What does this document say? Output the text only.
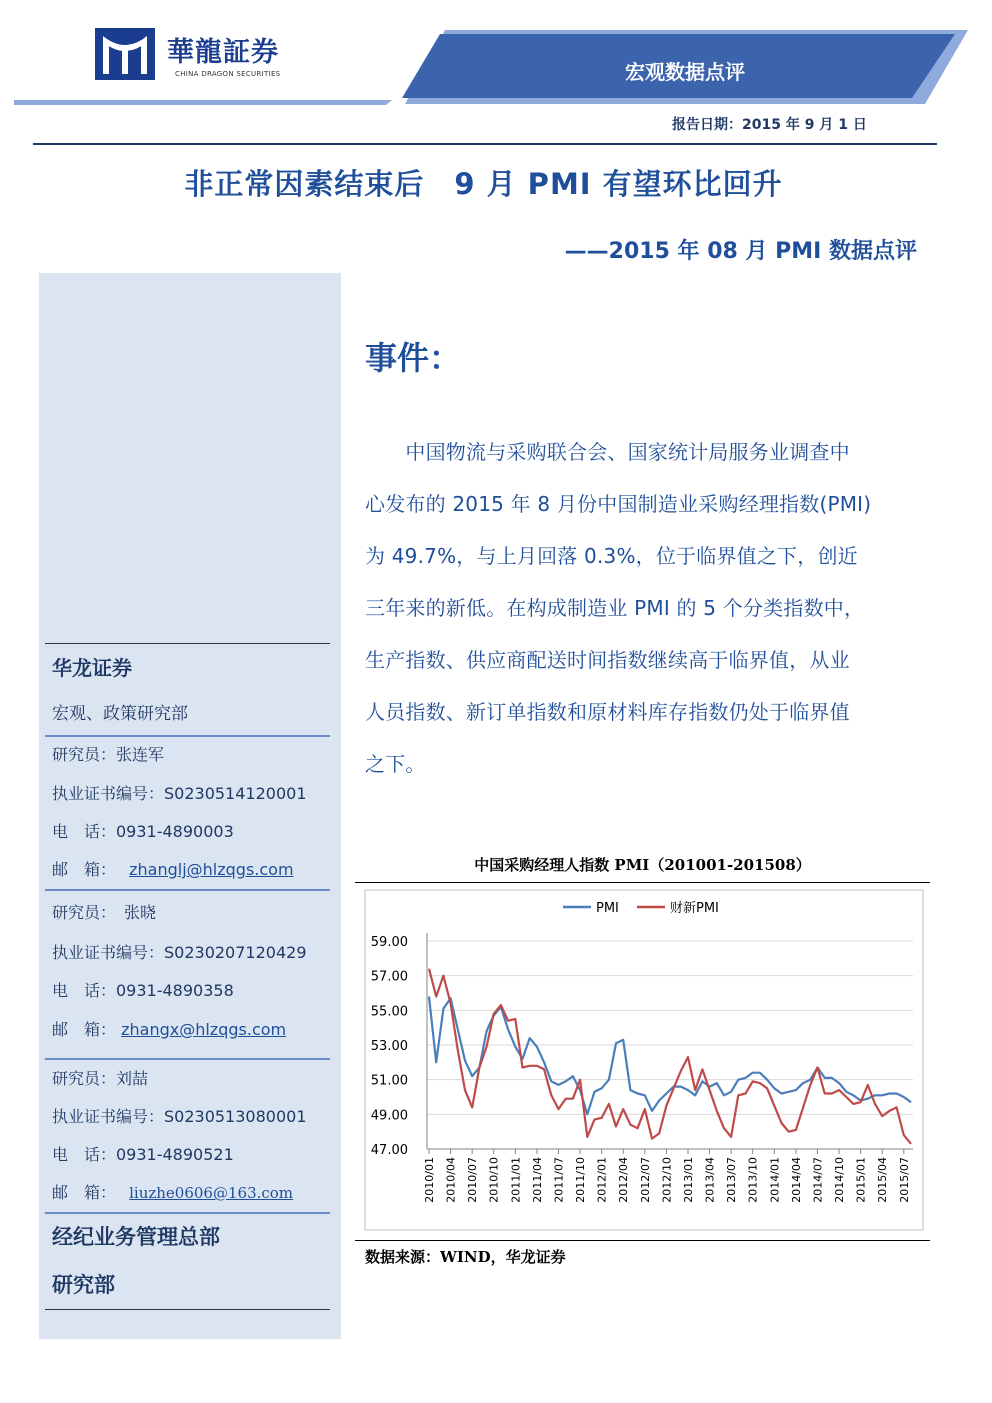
華龍証券
CHINA DRAGON SECURITIES	宏观数据点评
报告日期：2015 年 9 月 1 日
非正常因素结束后　9 月 PMI 有望环比回升
——2015 年 08 月 PMI 数据点评
华龙证券
宏观、政策研究部
研究员：张连军
执业证书编号：S0230514120001
电　话：0931-4890003
邮　箱： zhanglj@hlzqgs.com
研究员：　张晓
执业证书编号：S0230207120429
电　话：0931-4890358
邮　箱： zhangx@hlzqgs.com
研究员：刘喆
执业证书编号：S0230513080001
电　话：0931-4890521
邮　箱： liuzhe0606@163.com
经纪业务管理总部
研究部
事件：
　　中国物流与采购联合会、国家统计局服务业调查中
心发布的 2015 年 8 月份中国制造业采购经理指数(PMI)
为 49.7%，与上月回落 0.3%，位于临界值之下，创近
三年来的新低。在构成制造业 PMI 的 5 个分类指数中，
生产指数、供应商配送时间指数继续高于临界值，从业
人员指数、新订单指数和原材料库存指数仍处于临界值
之下。
中国采购经理人指数 PMI（201001-201508）
59.00
57.00
55.00
53.00
51.00
49.00
47.00
2010/01 2010/04 2010/07 2010/10 2011/01 2011/04 2011/07 2011/10 2012/01 2012/04 2012/07 2012/10 2013/01 2013/04 2013/07 2013/10 2014/01 2014/04 2014/07 2014/10 2015/01 2015/04 2015/07
PMI	财新PMI
数据来源：WIND，华龙证券
